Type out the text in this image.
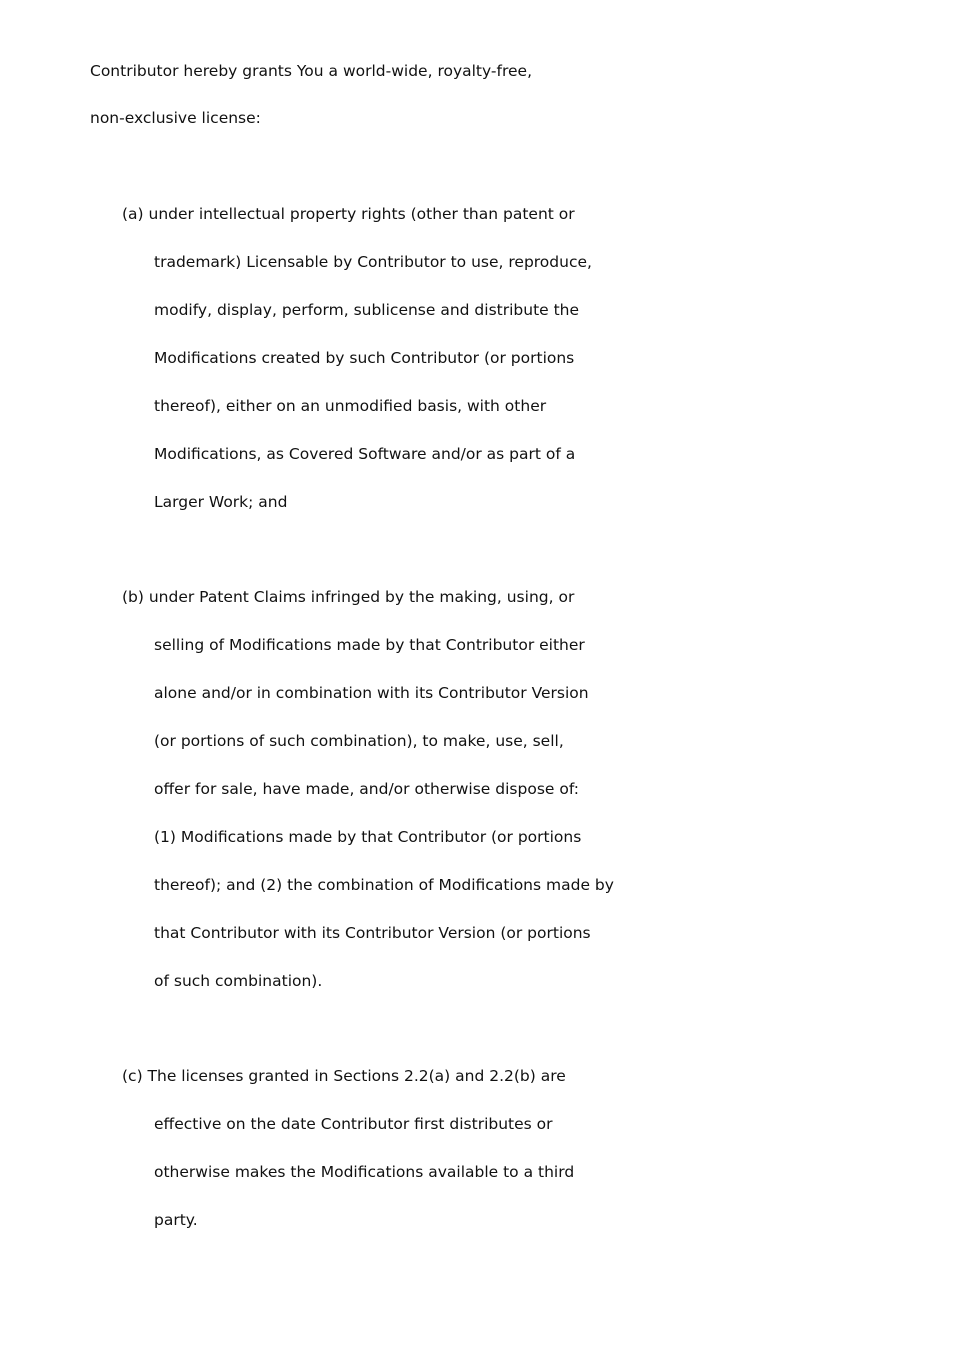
Contributor hereby grants You a world-wide, royalty-free,
non-exclusive license:
(a) under intellectual property rights (other than patent or
trademark) Licensable by Contributor to use, reproduce,
modify, display, perform, sublicense and distribute the
Modifications created by such Contributor (or portions
thereof), either on an unmodified basis, with other
Modifications, as Covered Software and/or as part of a
Larger Work; and
(b) under Patent Claims infringed by the making, using, or
selling of Modifications made by that Contributor either
alone and/or in combination with its Contributor Version
(or portions of such combination), to make, use, sell,
offer for sale, have made, and/or otherwise dispose of:
(1) Modifications made by that Contributor (or portions
thereof); and (2) the combination of Modifications made by
that Contributor with its Contributor Version (or portions
of such combination).
(c) The licenses granted in Sections 2.2(a) and 2.2(b) are
effective on the date Contributor first distributes or
otherwise makes the Modifications available to a third
party.
